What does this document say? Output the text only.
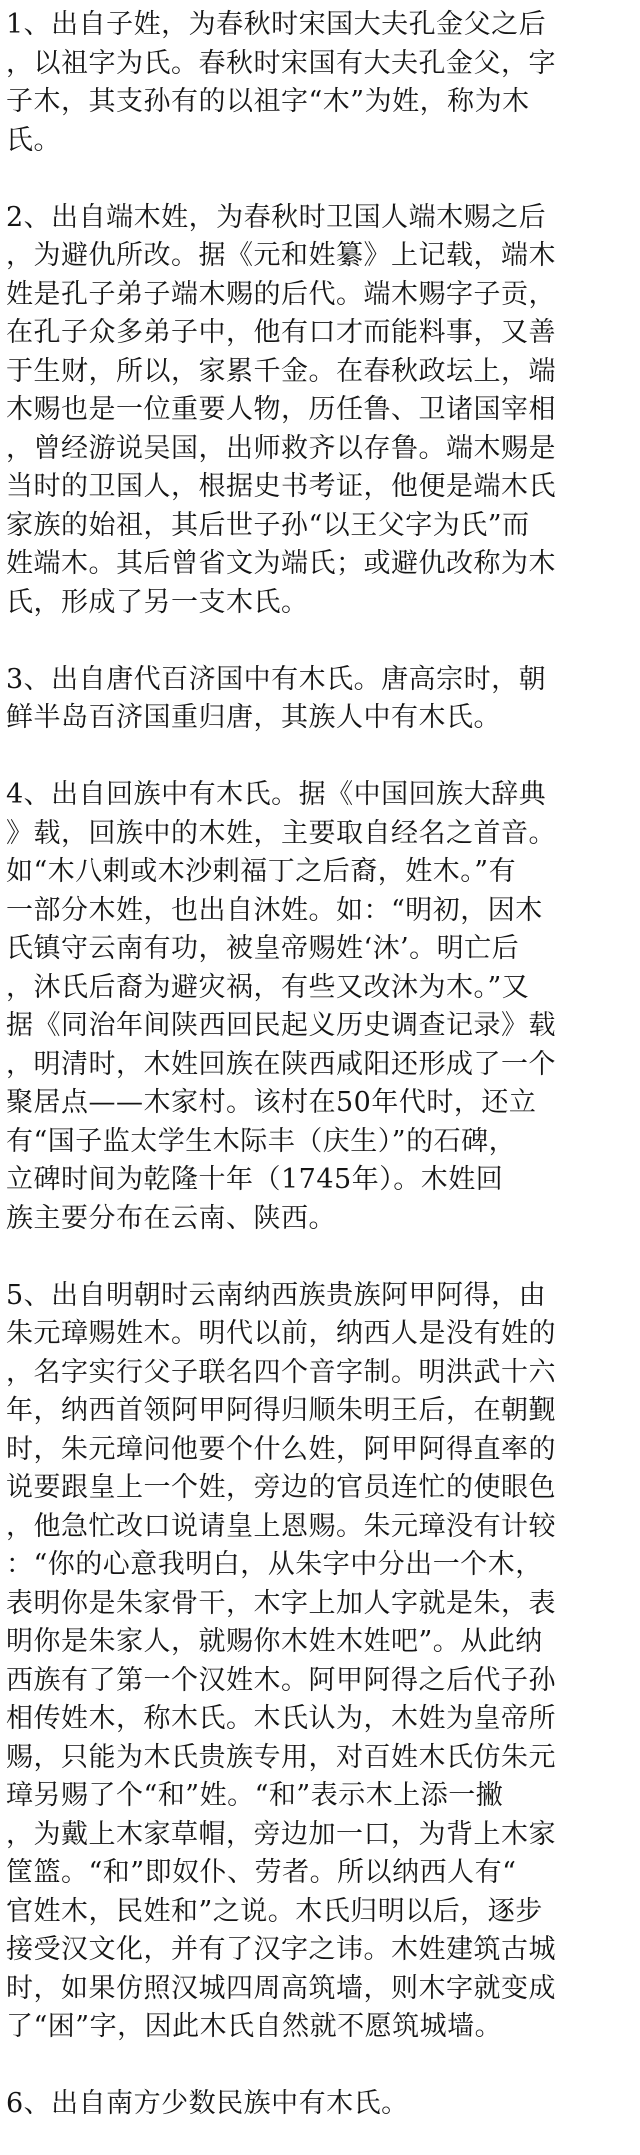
1、出自子姓，为春秋时宋国大夫孔金父之后
，以祖字为氏。春秋时宋国有大夫孔金父，字
子木，其支孙有的以祖字“木”为姓，称为木
氏。
2、出自端木姓，为春秋时卫国人端木赐之后
，为避仇所改。据《元和姓纂》上记载，端木
姓是孔子弟子端木赐的后代。端木赐字子贡，
在孔子众多弟子中，他有口才而能料事，又善
于生财，所以，家累千金。在春秋政坛上，端
木赐也是一位重要人物，历任鲁、卫诸国宰相
，曾经游说吴国，出师救齐以存鲁。端木赐是
当时的卫国人，根据史书考证，他便是端木氏
家族的始祖，其后世子孙“以王父字为氏”而
姓端木。其后曾省文为端氏；或避仇改称为木
氏，形成了另一支木氏。
3、出自唐代百济国中有木氏。唐高宗时，朝
鲜半岛百济国重归唐，其族人中有木氏。
4、出自回族中有木氏。据《中国回族大辞典
》载，回族中的木姓，主要取自经名之首音。
如“木八剌或木沙剌福丁之后裔，姓木。”有
一部分木姓，也出自沐姓。如：“明初，因木
氏镇守云南有功，被皇帝赐姓‘沐’。明亡后
，沐氏后裔为避灾祸，有些又改沐为木。”又
据《同治年间陕西回民起义历史调查记录》载
，明清时，木姓回族在陕西咸阳还形成了一个
聚居点——木家村。该村在50年代时，还立
有“国子监太学生木际丰（庆生）”的石碑，
立碑时间为乾隆十年（1745年）。木姓回
族主要分布在云南、陕西。
5、出自明朝时云南纳西族贵族阿甲阿得，由
朱元璋赐姓木。明代以前，纳西人是没有姓的
，名字实行父子联名四个音字制。明洪武十六
年，纳西首领阿甲阿得归顺朱明王后，在朝觐
时，朱元璋问他要个什么姓，阿甲阿得直率的
说要跟皇上一个姓，旁边的官员连忙的使眼色
，他急忙改口说请皇上恩赐。朱元璋没有计较
：“你的心意我明白，从朱字中分出一个木，
表明你是朱家骨干，木字上加人字就是朱，表
明你是朱家人，就赐你木姓木姓吧”。从此纳
西族有了第一个汉姓木。阿甲阿得之后代子孙
相传姓木，称木氏。木氏认为，木姓为皇帝所
赐，只能为木氏贵族专用，对百姓木氏仿朱元
璋另赐了个“和”姓。“和”表示木上添一撇
，为戴上木家草帽，旁边加一口，为背上木家
筐篮。“和”即奴仆、劳者。所以纳西人有“
官姓木，民姓和”之说。木氏归明以后，逐步
接受汉文化，并有了汉字之讳。木姓建筑古城
时，如果仿照汉城四周高筑墙，则木字就变成
了“困”字，因此木氏自然就不愿筑城墙。
6、出自南方少数民族中有木氏。
